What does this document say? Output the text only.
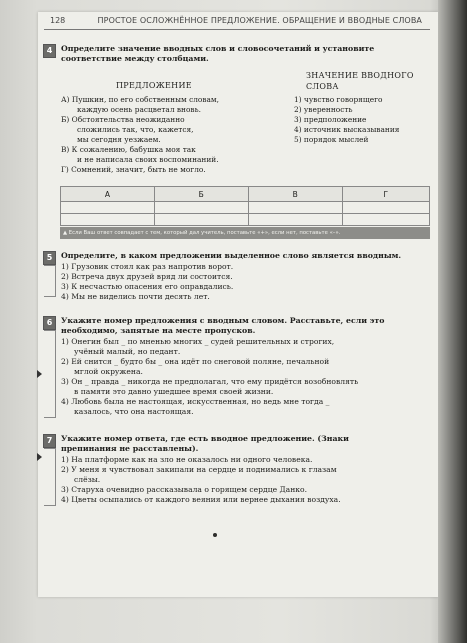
128	ПРОСТОЕ ОСЛОЖНЁННОЕ ПРЕДЛОЖЕНИЕ. ОБРАЩЕНИЕ И ВВОДНЫЕ СЛОВА
4	Определите значение вводных слов и словосочетаний и установите соответствие между столбцами.
ПРЕДЛОЖЕНИЕ
ЗНАЧЕНИЕ ВВОДНОГО
СЛОВА
А) Пушкин, по его собственным словам,
каждую осень расцветал вновь.
Б) Обстоятельства неожиданно
сложились так, что, кажется,
мы сегодня уезжаем.
В) К сожалению, бабушка моя так
и не написала своих воспоминаний.
Г) Сомнений, значит, быть не могло.
1) чувство говорящего
2) уверенность
3) предположение
4) источник высказывания
5) порядок мыслей
А	Б	В	Г

▲ Если Ваш ответ совпадает с тем, который дал учитель, поставьте «+», если нет, поставьте «–».
5	Определите, в каком предложении выделенное слово является вводным.
1) Грузовик стоял как раз напротив ворот.
2) Встреча двух друзей вряд ли состоится.
3) К несчастью опасения его оправдались.
4) Мы не виделись почти десять лет.
6	Укажите номер предложения с вводным словом. Расставьте, если это
необходимо, запятые на месте пропусков.
1) Онегин был _ по мненью многих _ судей решительных и строгих,
учёный малый, но педант.
2) Ей снится _ будто бы _ она идёт по снеговой поляне, печальной
мглой окружена.
3) Он _ правда _ никогда не предполагал, что ему придётся возобновлять
в памяти это давно ушедшее время своей жизни.
4) Любовь была не настоящая, искусственная, но ведь мне тогда _
казалось, что она настоящая.
7	Укажите номер ответа, где есть вводное предложение. (Знаки
препинания не расставлены).
1) На платформе как на зло не оказалось ни одного человека.
2) У меня я чувствовал закипали на сердце и поднимались к глазам
слёзы.
3) Старуха очевидно рассказывала о горящем сердце Данко.
4) Цветы осыпались от каждого веяния или вернее дыхания воздуха.
